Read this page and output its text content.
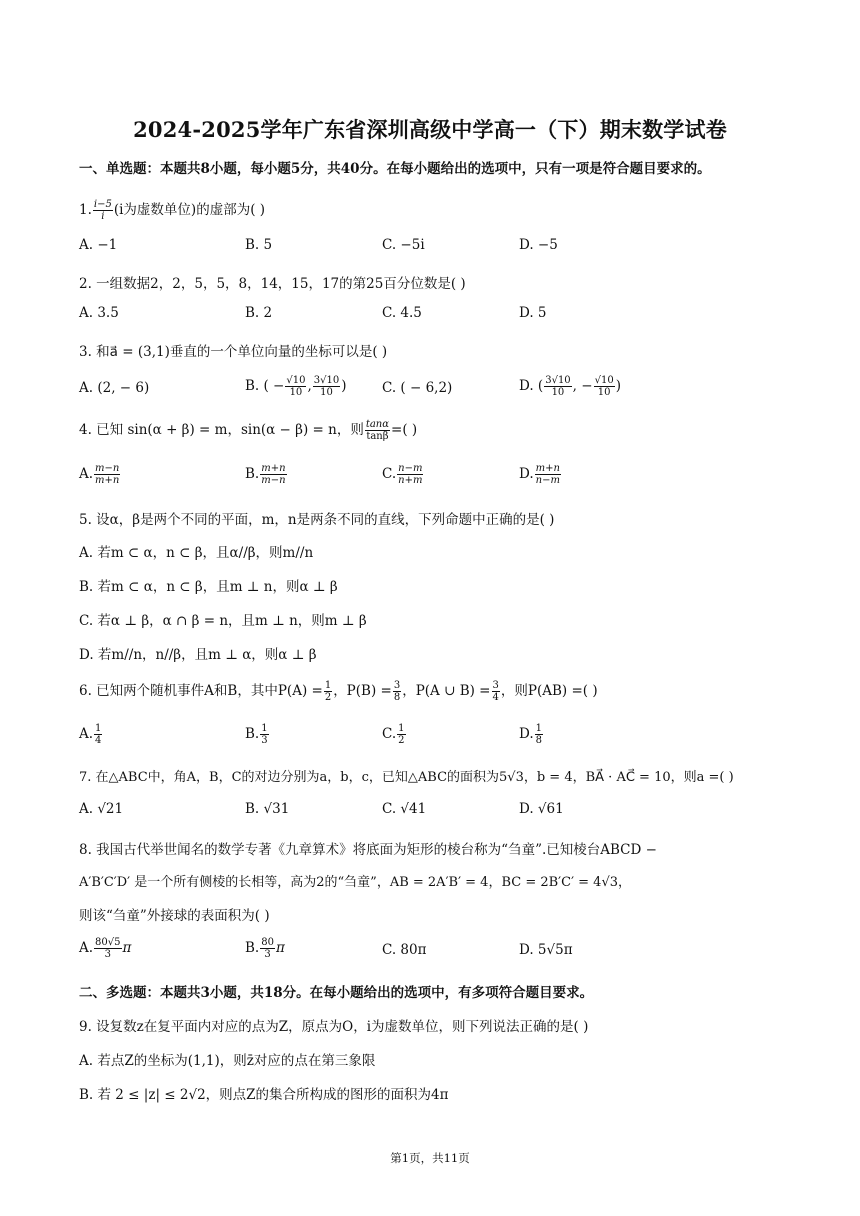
2024-2025学年广东省深圳高级中学高一（下）期末数学试卷
一、单选题：本题共8小题，每小题5分，共40分。在每小题给出的选项中，只有一项是符合题目要求的。
1. $\frac{i-5}{i} (i$为虚数单位)的虚部为( )
A. −1	B. 5	C. −5i	D. −5
2. 一组数据2，2，5，5，8，14，15，17的第25百分位数是( )
A. 3.5	B. 2	C. 4.5	D. 5
3. 和a⃗ = (3,1)垂直的一个单位向量的坐标可以是( )
A. (2, − 6)	B. ( − $\frac{√10}{10}$ , $\frac{3√10}{10}$ )	C. ( − 6,2)	D. ( $\frac{3√10}{10}$ , − $\frac{√10}{10}$ )
4. 已知 sin(α + β) = m，sin(α − β) = n，则 $\frac{\tan\alpha}{\tan\beta}$ =( )
A. $\frac{m-n}{m+n}$	B. $\frac{m+n}{m-n}$	C. $\frac{n-m}{n+m}$	D. $\frac{m+n}{n-m}$
5. 设α，β是两个不同的平面，m，n是两条不同的直线，下列命题中正确的是( )
A. 若m ⊂ α，n ⊂ β，且α//β，则m//n
B. 若m ⊂ α，n ⊂ β，且m ⊥ n，则α ⊥ β
C. 若α ⊥ β，α ∩ β = n，且m ⊥ n，则m ⊥ β
D. 若m//n，n//β，且m ⊥ α，则α ⊥ β
6. 已知两个随机事件A和B，其中$P(A) = \frac{1}{2}$ ，$P(B) = \frac{3}{8}$ ，P(A ∪ $B) = \frac{3}{4}$ ，则P(AB) =( )
A. $\frac{1}{4}$	B. $\frac{1}{3}$	C. $\frac{1}{2}$	D. $\frac{1}{8}$
7. 在△ABC中，角A，B，C的对边分别为a，b，c，已知△ABC的面积为5√3，b = 4，BA⃗ · AC⃗ = 10，则a =( )
A. √21	B. √31	C. √41	D. √61
8. 我国古代举世闻名的数学专著《九章算术》将底面为矩形的棱台称为“刍童”.已知棱台ABCD −
A′B′C′D′ 是一个所有侧棱的长相等，高为2的“刍童”，AB = 2A′B′ = 4，BC = 2B′C′ = 4√3，
则该“刍童”外接球的表面积为( )
A. $\frac{80√5}{3}$ π	B. $\frac{80}{3}$ π	C. 80π	D. 5√5π
二、多选题：本题共3小题，共18分。在每小题给出的选项中，有多项符合题目要求。
9. 设复数z在复平面内对应的点为Z，原点为O，i为虚数单位，则下列说法正确的是( )
A. 若点Z的坐标为(1,1)，则z̄对应的点在第三象限
B. 若 2 ≤ |z| ≤ 2√2，则点Z的集合所构成的图形的面积为4π
第1页，共11页
